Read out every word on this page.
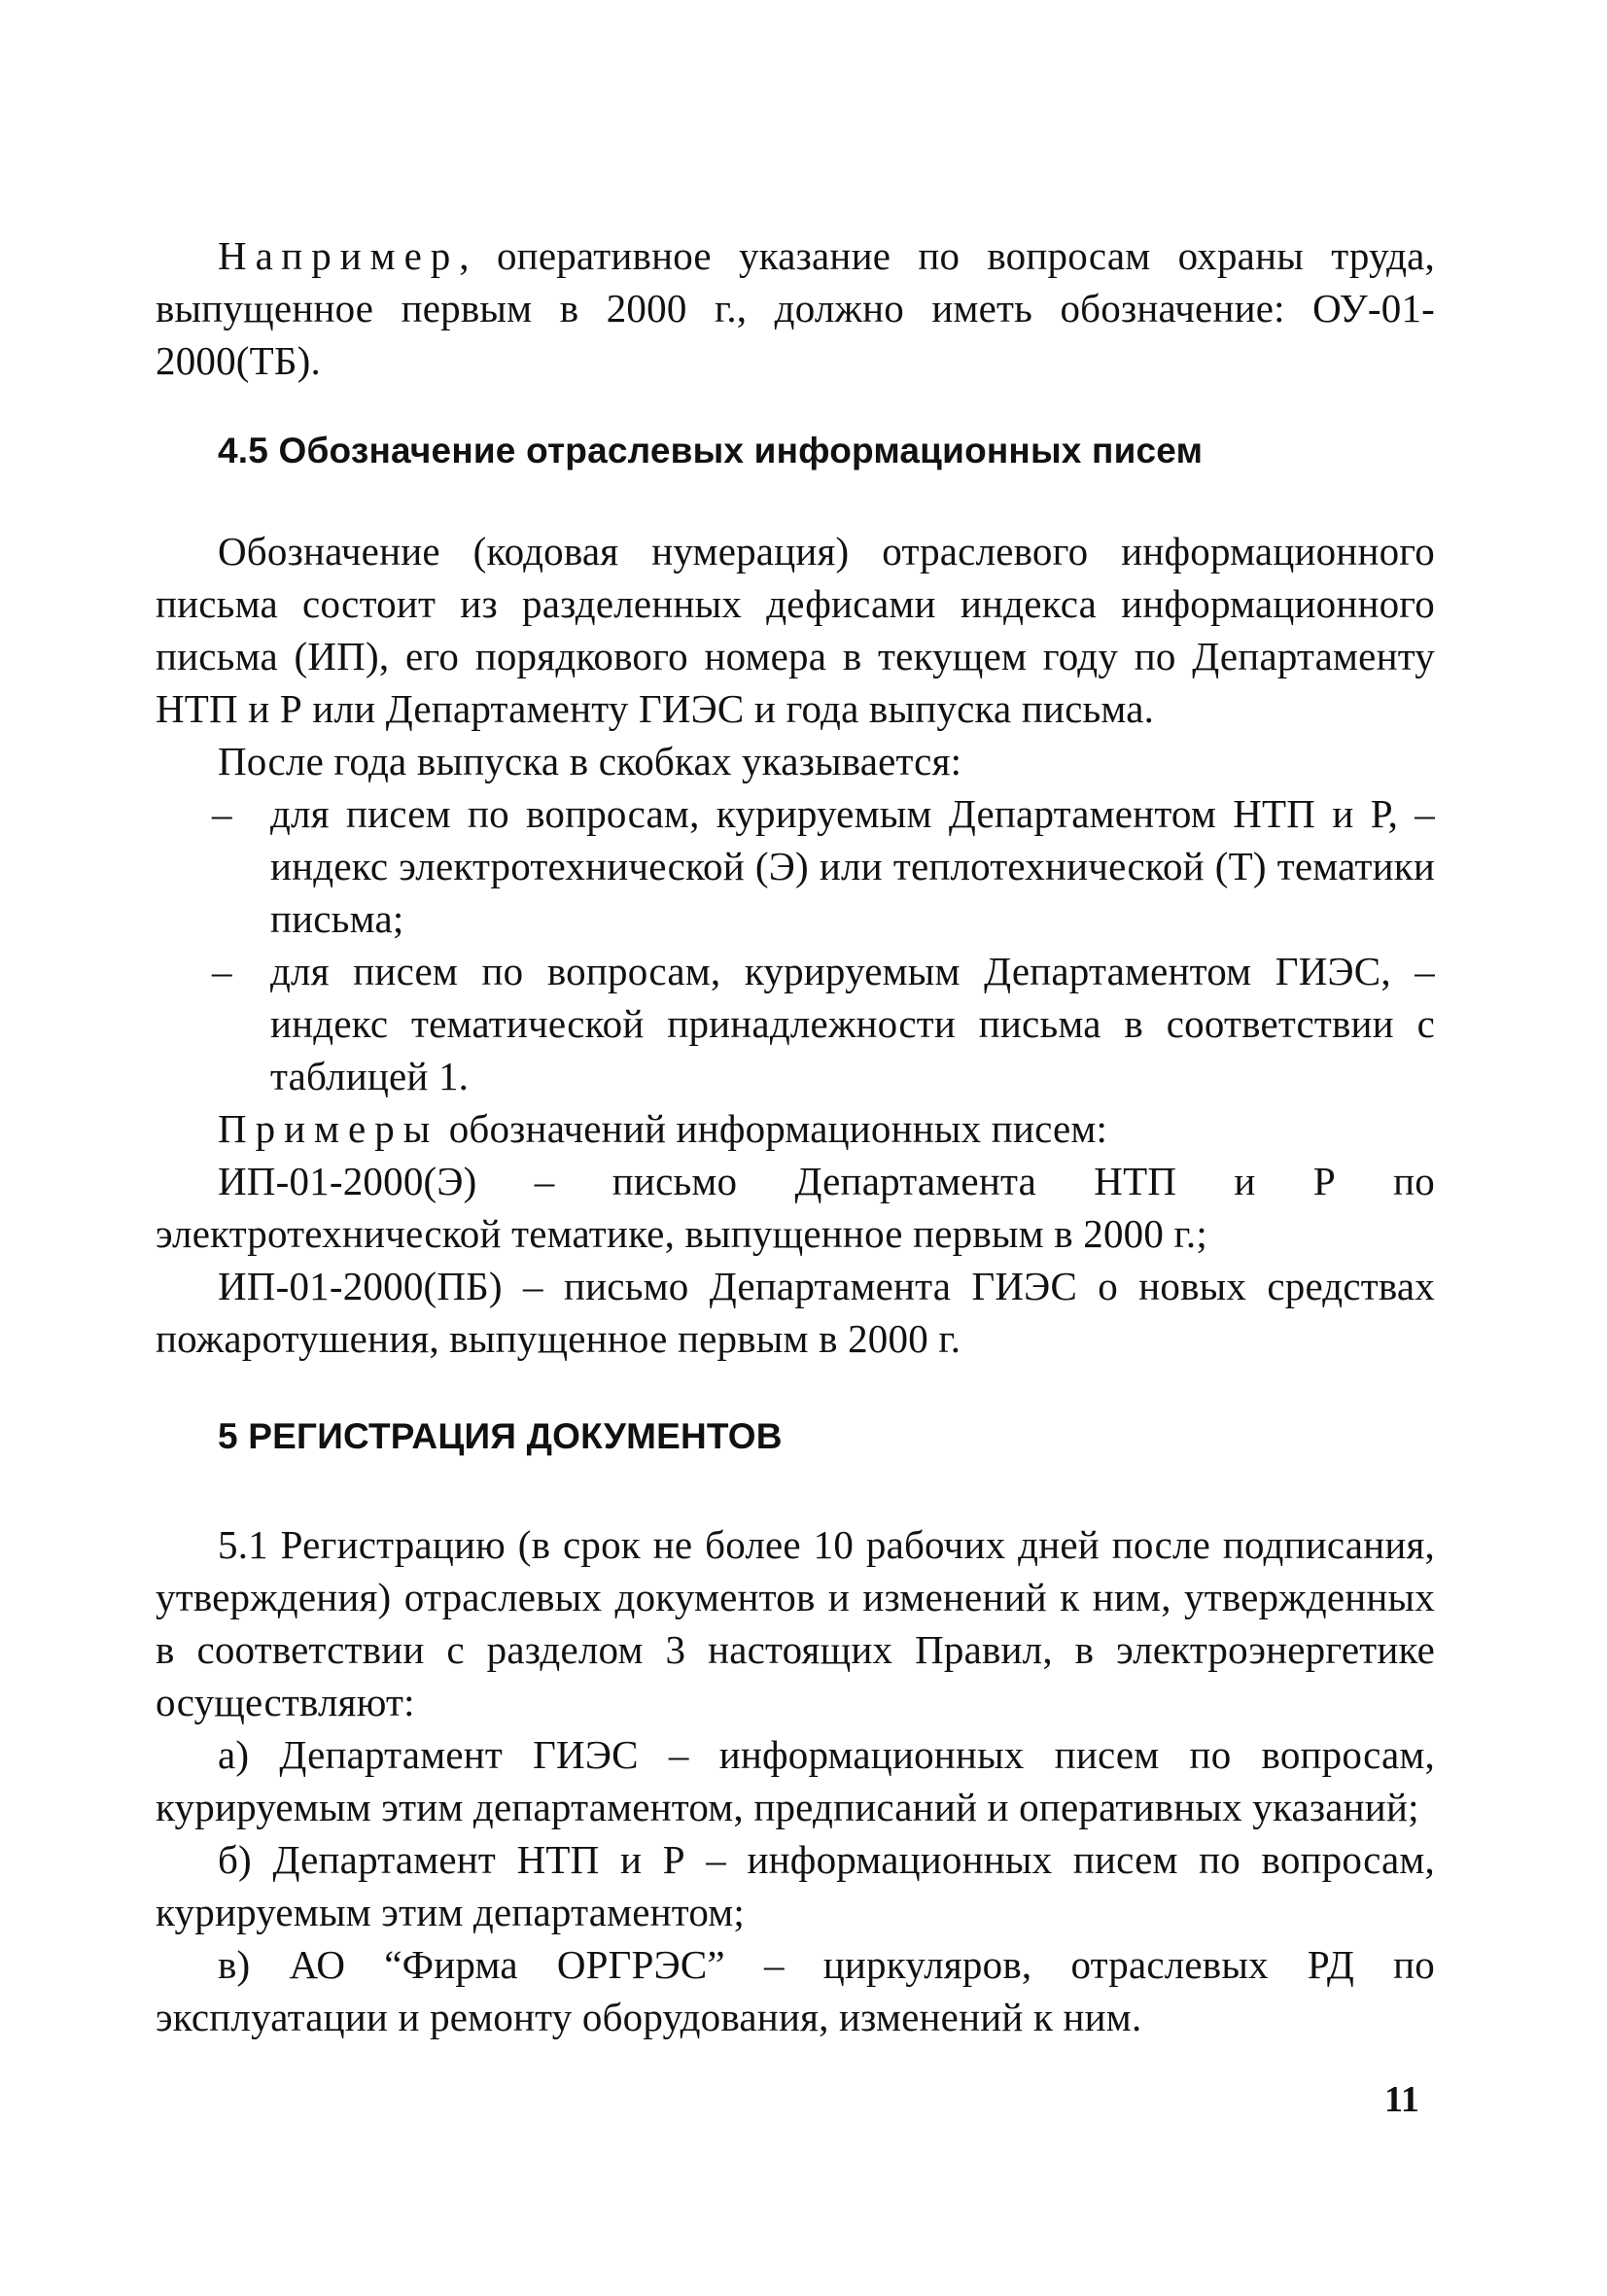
Например, оперативное указание по вопросам охраны труда, выпущенное первым в 2000 г., должно иметь обозначение: ОУ-01-2000(ТБ).

4.5 Обозначение отраслевых информационных писем

Обозначение (кодовая нумерация) отраслевого информационного письма состоит из разделенных дефисами индекса информационного письма (ИП), его порядкового номера в текущем году по Департаменту НТП и Р или Департаменту ГИЭС и года выпуска письма.

После года выпуска в скобках указывается:

– для писем по вопросам, курируемым Департаментом НТП и Р, – индекс электротехнической (Э) или теплотехнической (Т) тематики письма;

– для писем по вопросам, курируемым Департаментом ГИЭС, – индекс тематической принадлежности письма в соответствии с таблицей 1.

Примеры обозначений информационных писем:

ИП-01-2000(Э) – письмо Департамента НТП и Р по электротехнической тематике, выпущенное первым в 2000 г.;

ИП-01-2000(ПБ) – письмо Департамента ГИЭС о новых средствах пожаротушения, выпущенное первым в 2000 г.

5 РЕГИСТРАЦИЯ ДОКУМЕНТОВ

5.1 Регистрацию (в срок не более 10 рабочих дней после подписания, утверждения) отраслевых документов и изменений к ним, утвержденных в соответствии с разделом 3 настоящих Правил, в электроэнергетике осуществляют:

а) Департамент ГИЭС – информационных писем по вопросам, курируемым этим департаментом, предписаний и оперативных указаний;

б) Департамент НТП и Р – информационных писем по вопросам, курируемым этим департаментом;

в) АО “Фирма ОРГРЭС” – циркуляров, отраслевых РД по эксплуатации и ремонту оборудования, изменений к ним.

11
